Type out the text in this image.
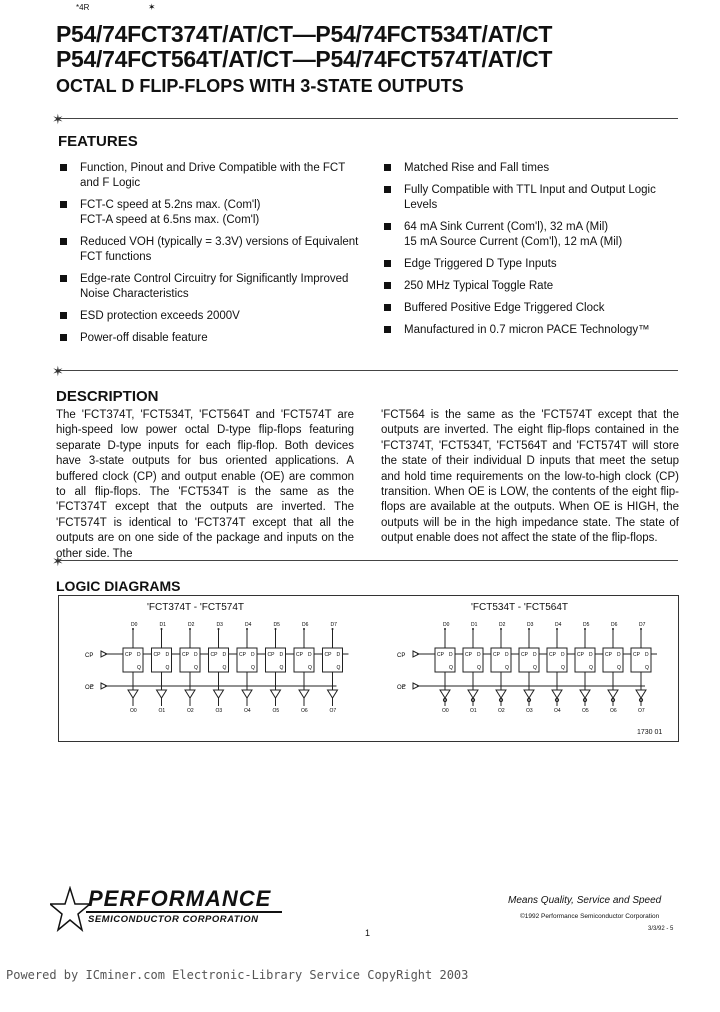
*4R	✶
P54/74FCT374T/AT/CT—P54/74FCT534T/AT/CT
P54/74FCT564T/AT/CT—P54/74FCT574T/AT/CT
OCTAL D FLIP-FLOPS WITH 3-STATE OUTPUTS
✶
FEATURES
Function, Pinout and Drive Compatible with the FCT and F Logic
FCT-C speed at 5.2ns max. (Com'l)
FCT-A speed at 6.5ns max. (Com'l)
Reduced VOH (typically = 3.3V) versions of Equivalent FCT functions
Edge-rate Control Circuitry for Significantly Improved Noise Characteristics
ESD protection exceeds 2000V
Power-off disable feature
Matched Rise and Fall times
Fully Compatible with TTL Input and Output Logic Levels
64 mA Sink Current (Com'l), 32 mA (Mil)
15 mA Source Current (Com'l), 12 mA (Mil)
Edge Triggered D Type Inputs
250 MHz Typical Toggle Rate
Buffered Positive Edge Triggered Clock
Manufactured in 0.7 micron PACE Technology™
✶
DESCRIPTION

The 'FCT374T, 'FCT534T, 'FCT564T and 'FCT574T are high-speed low power octal D-type flip-flops featuring separate D-type inputs for each flip-flop. Both devices have 3-state outputs for bus oriented applications. A buffered clock (CP) and output enable (OE) are common to all flip-flops. The 'FCT534T is the same as the 'FCT374T except that the outputs are inverted. The 'FCT574T is identical to 'FCT374T except that all the outputs are on one side of the package and inputs on the other side. The

'FCT564 is the same as the 'FCT574T except that the outputs are inverted. The eight flip-flops contained in the 'FCT374T, 'FCT534T, 'FCT564T and 'FCT574T will store the state of their individual D inputs that meet the setup and hold time requirements on the low-to-high clock (CP) transition. When OE is LOW, the contents of the eight flip-flops are available at the outputs. When OE is HIGH, the outputs will be in the high impedance state. The state of output enable does not affect the state of the flip-flops.

✶
LOGIC DIAGRAMS
CP
OE
D0
CP D
Q
O0
D1
CP D
Q
O1
D2
CP D
Q
O2
D3
CP D
Q
O3
D4
CP D
Q
O4
D5
CP D
Q
O5
D6
CP D
Q
O6
D7
CP D
Q
O7
CP
OE
D0
CP D
Q
O0
D1
CP D
Q
O1
D2
CP D
Q
O2
D3
CP D
Q
O3
D4
CP D
Q
O4
D5
CP D
Q
O5
D6
CP D
Q
O6
D7
CP D
Q
O7
'FCT374T - 'FCT574T	'FCT534T - 'FCT564T
1730 01
PERFORMANCE
SEMICONDUCTOR CORPORATION
Means Quality, Service and Speed
©1992 Performance Semiconductor Corporation
3/3/92 - 5
1
Powered by ICminer.com Electronic-Library Service CopyRight 2003
